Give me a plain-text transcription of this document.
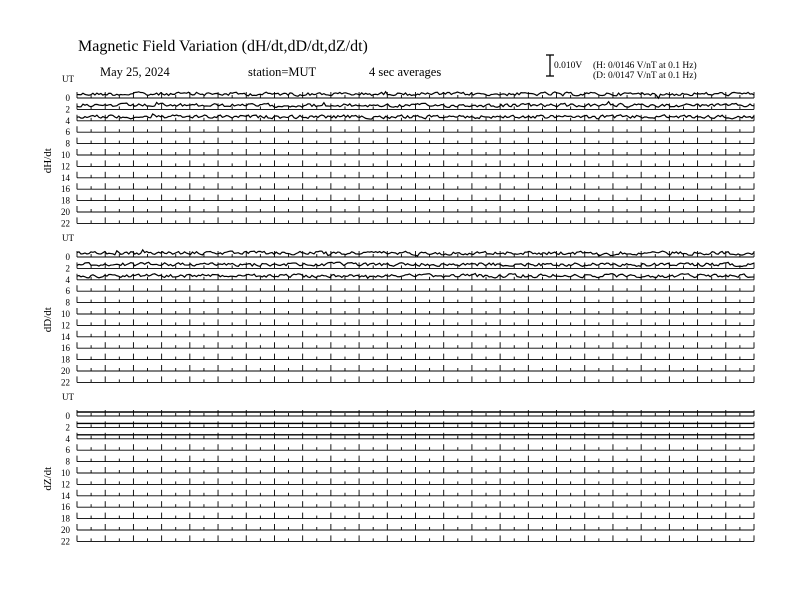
Magnetic Field Variation (dH/dt,dD/dt,dZ/dt)
May 25, 2024	station=MUT	4 sec averages	0.010V (H: 0/0146 V/nT at 0.1 Hz)
(D: 0/0147 V/nT at 0.1 Hz)
UT
dH/dt
0
2
4
6
8
10
12
14
16
18
20
22
UT
dD/dt
0
2
4
6
8
10
12
14
16
18
20
22
UT
dZ/dt
0
2
4
6
8
10
12
14
16
18
20
22
